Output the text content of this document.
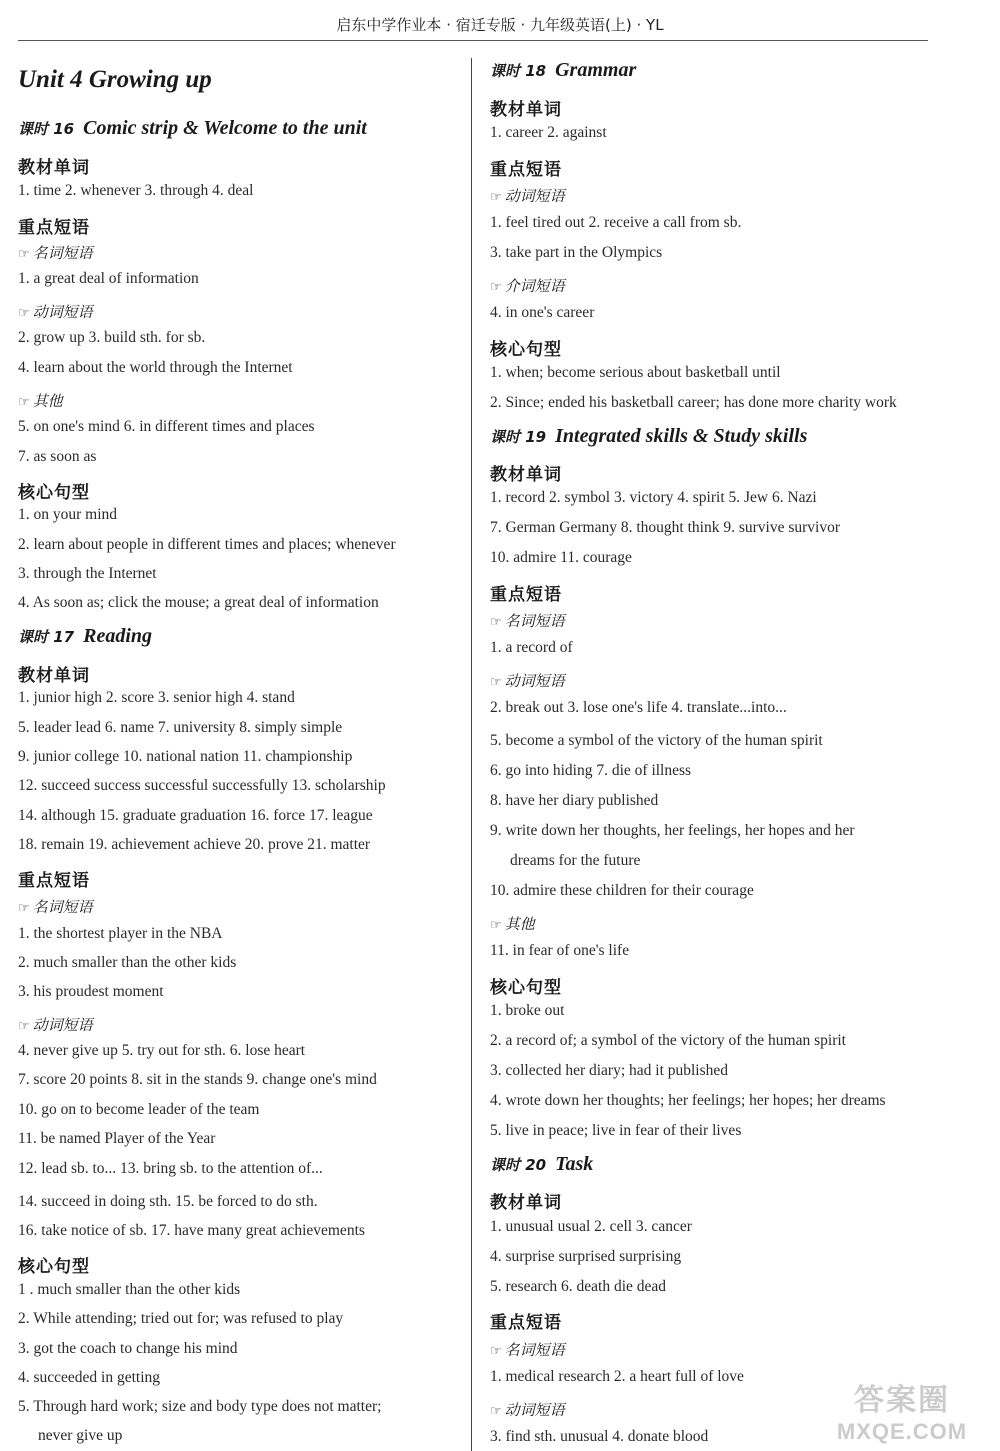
启东中学作业本 · 宿迁专版 · 九年级英语(上) · YL
Unit 4 Growing up
课时 16 Comic strip & Welcome to the unit
教材单词
1. time 2. whenever 3. through 4. deal
重点短语
☞ 名词短语
1. a great deal of information
☞ 动词短语
2. grow up 3. build sth. for sb.
4. learn about the world through the Internet
☞ 其他
5. on one's mind 6. in different times and places
7. as soon as
核心句型
1. on your mind
2. learn about people in different times and places; whenever
3. through the Internet
4. As soon as; click the mouse; a great deal of information
课时 17 Reading
教材单词
1. junior high 2. score 3. senior high 4. stand
5. leader lead 6. name 7. university 8. simply simple
9. junior college 10. national nation 11. championship
12. succeed success successful successfully 13. scholarship
14. although 15. graduate graduation 16. force 17. league
18. remain 19. achievement achieve 20. prove 21. matter
重点短语
☞ 名词短语
1. the shortest player in the NBA
2. much smaller than the other kids
3. his proudest moment
☞ 动词短语
4. never give up 5. try out for sth. 6. lose heart
7. score 20 points 8. sit in the stands 9. change one's mind
10. go on to become leader of the team
11. be named Player of the Year
12. lead sb. to... 13. bring sb. to the attention of...
14. succeed in doing sth. 15. be forced to do sth.
16. take notice of sb. 17. have many great achievements
核心句型
1 . much smaller than the other kids
2. While attending; tried out for; was refused to play
3. got the coach to change his mind
4. succeeded in getting
5. Through hard work; size and body type does not matter;
never give up
课时 18 Grammar
教材单词
1. career 2. against
重点短语
☞ 动词短语
1. feel tired out 2. receive a call from sb.
3. take part in the Olympics
☞ 介词短语
4. in one's career
核心句型
1. when; become serious about basketball until
2. Since; ended his basketball career; has done more charity work
课时 19 Integrated skills & Study skills
教材单词
1. record 2. symbol 3. victory 4. spirit 5. Jew 6. Nazi
7. German Germany 8. thought think 9. survive survivor
10. admire 11. courage
重点短语
☞ 名词短语
1. a record of
☞ 动词短语
2. break out 3. lose one's life 4. translate...into...
5. become a symbol of the victory of the human spirit
6. go into hiding 7. die of illness
8. have her diary published
9. write down her thoughts, her feelings, her hopes and her
dreams for the future
10. admire these children for their courage
☞ 其他
11. in fear of one's life
核心句型
1. broke out
2. a record of; a symbol of the victory of the human spirit
3. collected her diary; had it published
4. wrote down her thoughts; her feelings; her hopes; her dreams
5. live in peace; live in fear of their lives
课时 20 Task
教材单词
1. unusual usual 2. cell 3. cancer
4. surprise surprised surprising
5. research 6. death die dead
重点短语
☞ 名词短语
1. medical research 2. a heart full of love
☞ 动词短语
3. find sth. unusual 4. donate blood
答案圈
MXQE.COM
